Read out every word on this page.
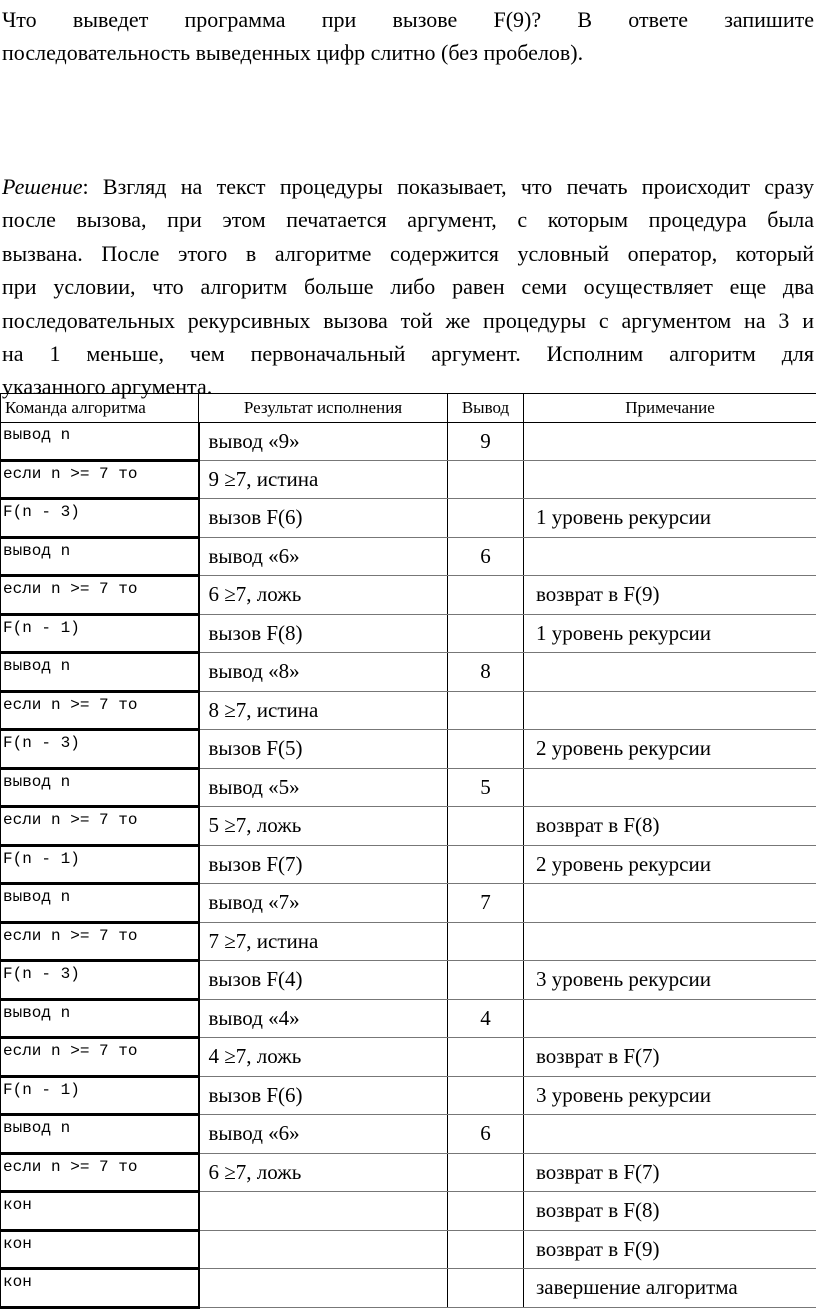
Что выведет программа при вызове F(9)? В ответе запишите
последовательность выведенных цифр слитно (без пробелов).
Решение: Взгляд на текст процедуры показывает, что печать происходит сразу
после вызова, при этом печатается аргумент, с которым процедура была
вызвана. После этого в алгоритме содержится условный оператор, который
при условии, что алгоритм больше либо равен семи осуществляет еще два
последовательных рекурсивных вызова той же процедуры с аргументом на 3 и
на 1 меньше, чем первоначальный аргумент. Исполним алгоритм для
указанного аргумента.
Команда алгоритма	Результат исполнения	Вывод	Примечание
вывод n	вывод «9»	9	
если n >= 7 то	9 ≥7, истина		
F(n - 3)	вызов F(6)		1 уровень рекурсии
вывод n	вывод «6»	6	
если n >= 7 то	6 ≥7, ложь		возврат в F(9)
F(n - 1)	вызов F(8)		1 уровень рекурсии
вывод n	вывод «8»	8	
если n >= 7 то	8 ≥7, истина		
F(n - 3)	вызов F(5)		2 уровень рекурсии
вывод n	вывод «5»	5	
если n >= 7 то	5 ≥7, ложь		возврат в F(8)
F(n - 1)	вызов F(7)		2 уровень рекурсии
вывод n	вывод «7»	7	
если n >= 7 то	7 ≥7, истина		
F(n - 3)	вызов F(4)		3 уровень рекурсии
вывод n	вывод «4»	4	
если n >= 7 то	4 ≥7, ложь		возврат в F(7)
F(n - 1)	вызов F(6)		3 уровень рекурсии
вывод n	вывод «6»	6	
если n >= 7 то	6 ≥7, ложь		возврат в F(7)
кон			возврат в F(8)
кон			возврат в F(9)
кон			завершение алгоритма
